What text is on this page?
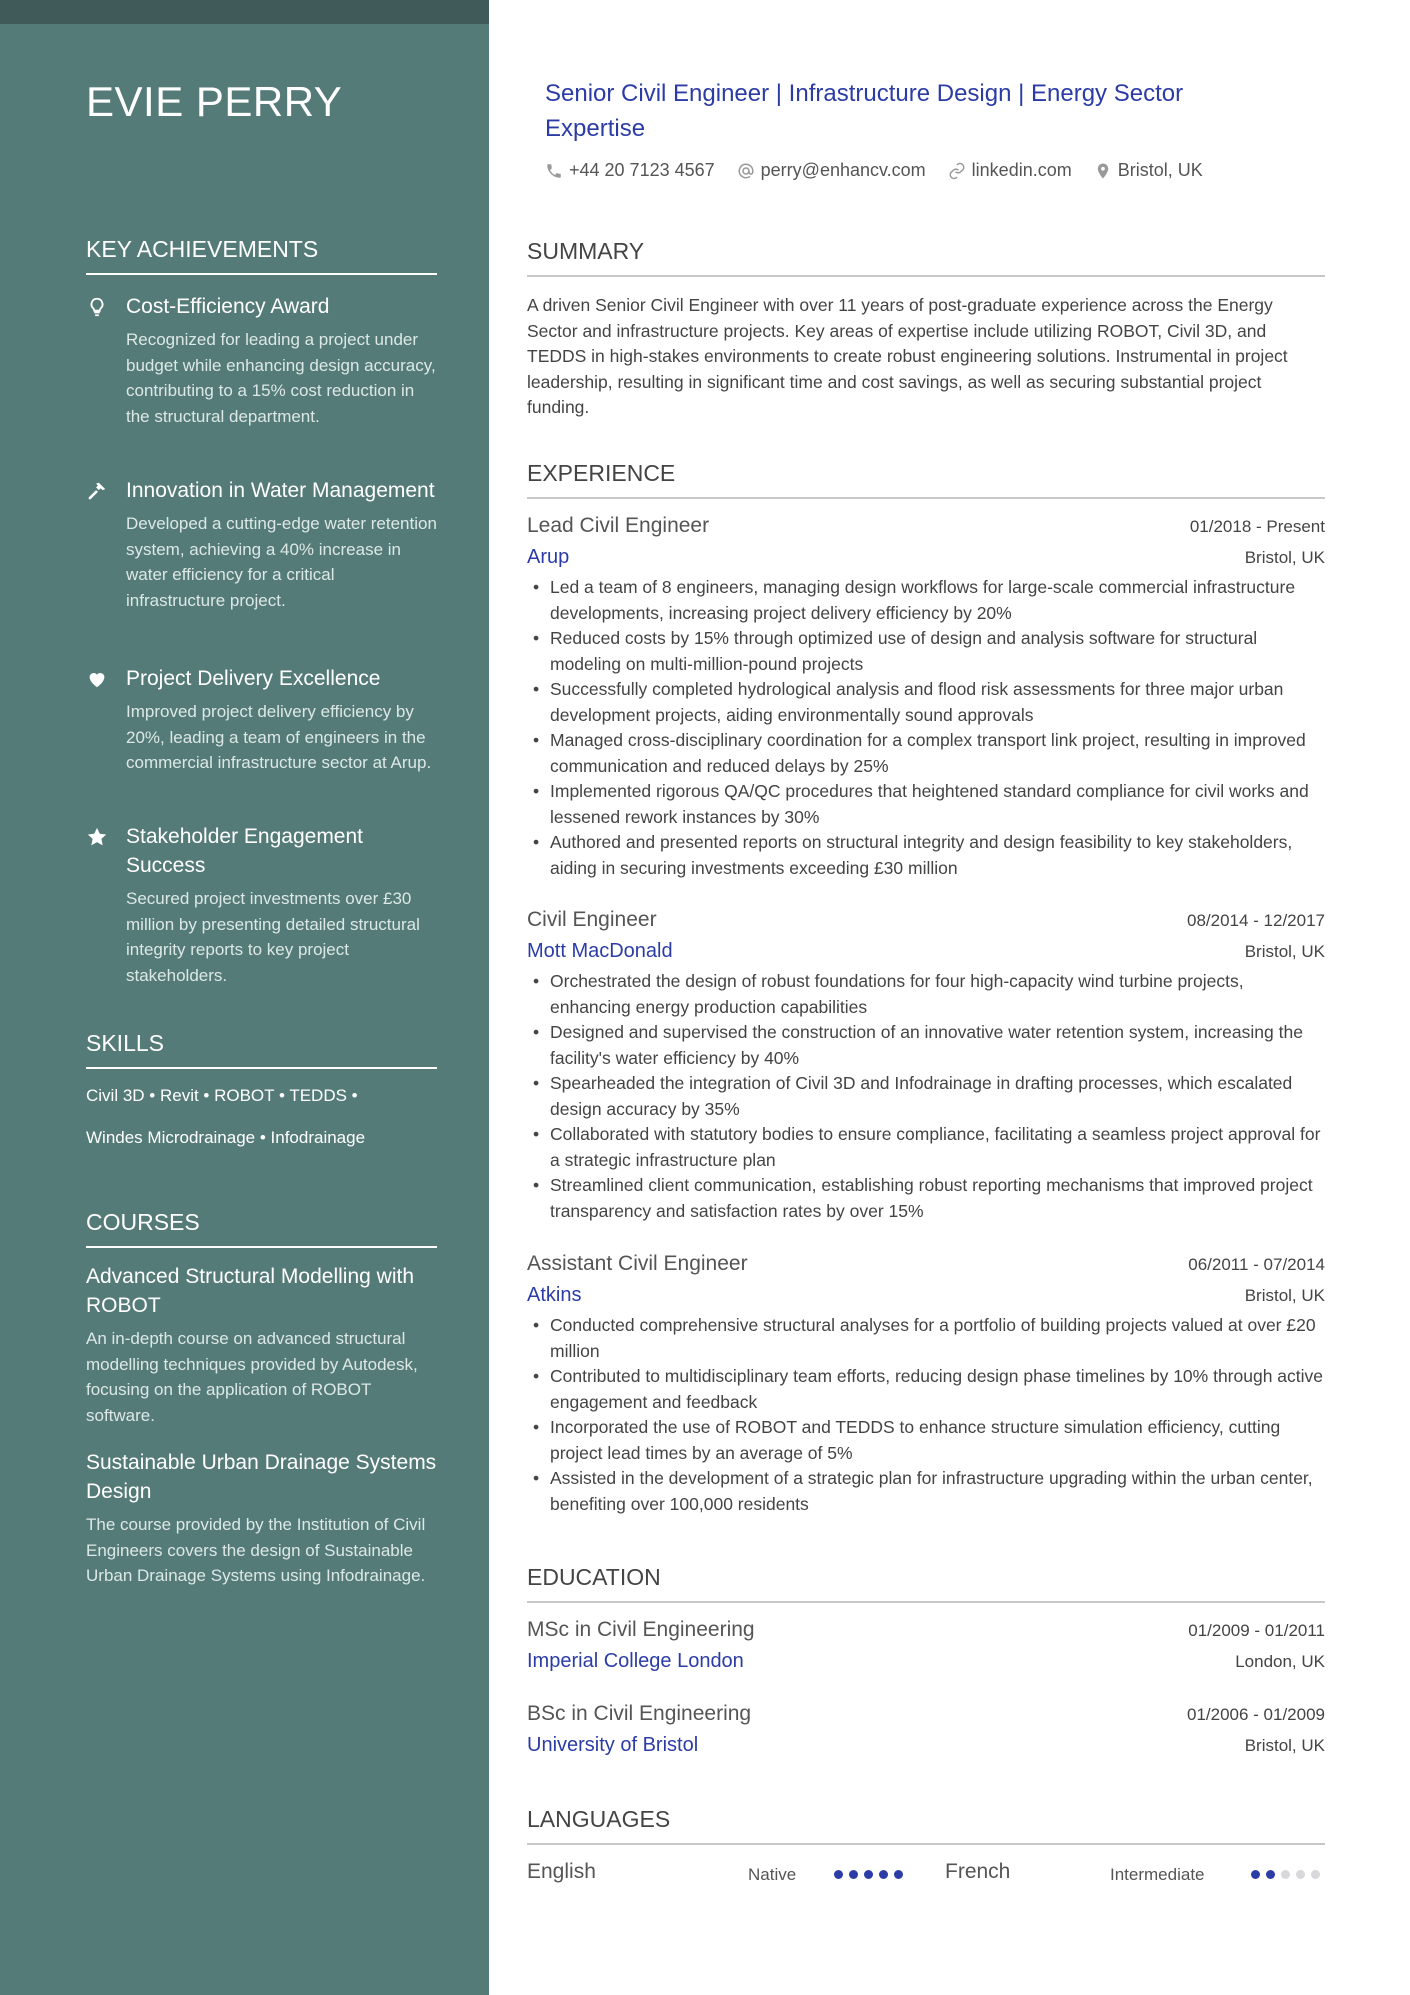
EVIE PERRY
KEY ACHIEVEMENTS
Cost-Efficiency Award
Recognized for leading a project under budget while enhancing design accuracy, contributing to a 15% cost reduction in the structural department.
Innovation in Water Management
Developed a cutting-edge water retention system, achieving a 40% increase in water efficiency for a critical infrastructure project.
Project Delivery Excellence
Improved project delivery efficiency by 20%, leading a team of engineers in the commercial infrastructure sector at Arup.
Stakeholder Engagement Success
Secured project investments over £30 million by presenting detailed structural integrity reports to key project stakeholders.
SKILLS
Civil 3D • Revit • ROBOT • TEDDS •
Windes Microdrainage • Infodrainage
COURSES
Advanced Structural Modelling with ROBOT
An in-depth course on advanced structural modelling techniques provided by Autodesk, focusing on the application of ROBOT software.
Sustainable Urban Drainage Systems Design
The course provided by the Institution of Civil Engineers covers the design of Sustainable Urban Drainage Systems using Infodrainage.
Senior Civil Engineer | Infrastructure Design | Energy Sector Expertise
+44 20 7123 4567	perry@enhancv.com	linkedin.com	Bristol, UK
SUMMARY
A driven Senior Civil Engineer with over 11 years of post-graduate experience across the Energy Sector and infrastructure projects. Key areas of expertise include utilizing ROBOT, Civil 3D, and TEDDS in high-stakes environments to create robust engineering solutions. Instrumental in project leadership, resulting in significant time and cost savings, as well as securing substantial project funding.
EXPERIENCE
Lead Civil Engineer	01/2018 - Present
Arup	Bristol, UK
• Led a team of 8 engineers, managing design workflows for large-scale commercial infrastructure developments, increasing project delivery efficiency by 20%
• Reduced costs by 15% through optimized use of design and analysis software for structural modeling on multi-million-pound projects
• Successfully completed hydrological analysis and flood risk assessments for three major urban development projects, aiding environmentally sound approvals
• Managed cross-disciplinary coordination for a complex transport link project, resulting in improved communication and reduced delays by 25%
• Implemented rigorous QA/QC procedures that heightened standard compliance for civil works and lessened rework instances by 30%
• Authored and presented reports on structural integrity and design feasibility to key stakeholders, aiding in securing investments exceeding £30 million
Civil Engineer	08/2014 - 12/2017
Mott MacDonald	Bristol, UK
• Orchestrated the design of robust foundations for four high-capacity wind turbine projects, enhancing energy production capabilities
• Designed and supervised the construction of an innovative water retention system, increasing the facility's water efficiency by 40%
• Spearheaded the integration of Civil 3D and Infodrainage in drafting processes, which escalated design accuracy by 35%
• Collaborated with statutory bodies to ensure compliance, facilitating a seamless project approval for a strategic infrastructure plan
• Streamlined client communication, establishing robust reporting mechanisms that improved project transparency and satisfaction rates by over 15%
Assistant Civil Engineer	06/2011 - 07/2014
Atkins	Bristol, UK
• Conducted comprehensive structural analyses for a portfolio of building projects valued at over £20 million
• Contributed to multidisciplinary team efforts, reducing design phase timelines by 10% through active engagement and feedback
• Incorporated the use of ROBOT and TEDDS to enhance structure simulation efficiency, cutting project lead times by an average of 5%
• Assisted in the development of a strategic plan for infrastructure upgrading within the urban center, benefiting over 100,000 residents
EDUCATION
MSc in Civil Engineering	01/2009 - 01/2011
Imperial College London	London, UK
BSc in Civil Engineering	01/2006 - 01/2009
University of Bristol	Bristol, UK
LANGUAGES
English	Native	French	Intermediate
